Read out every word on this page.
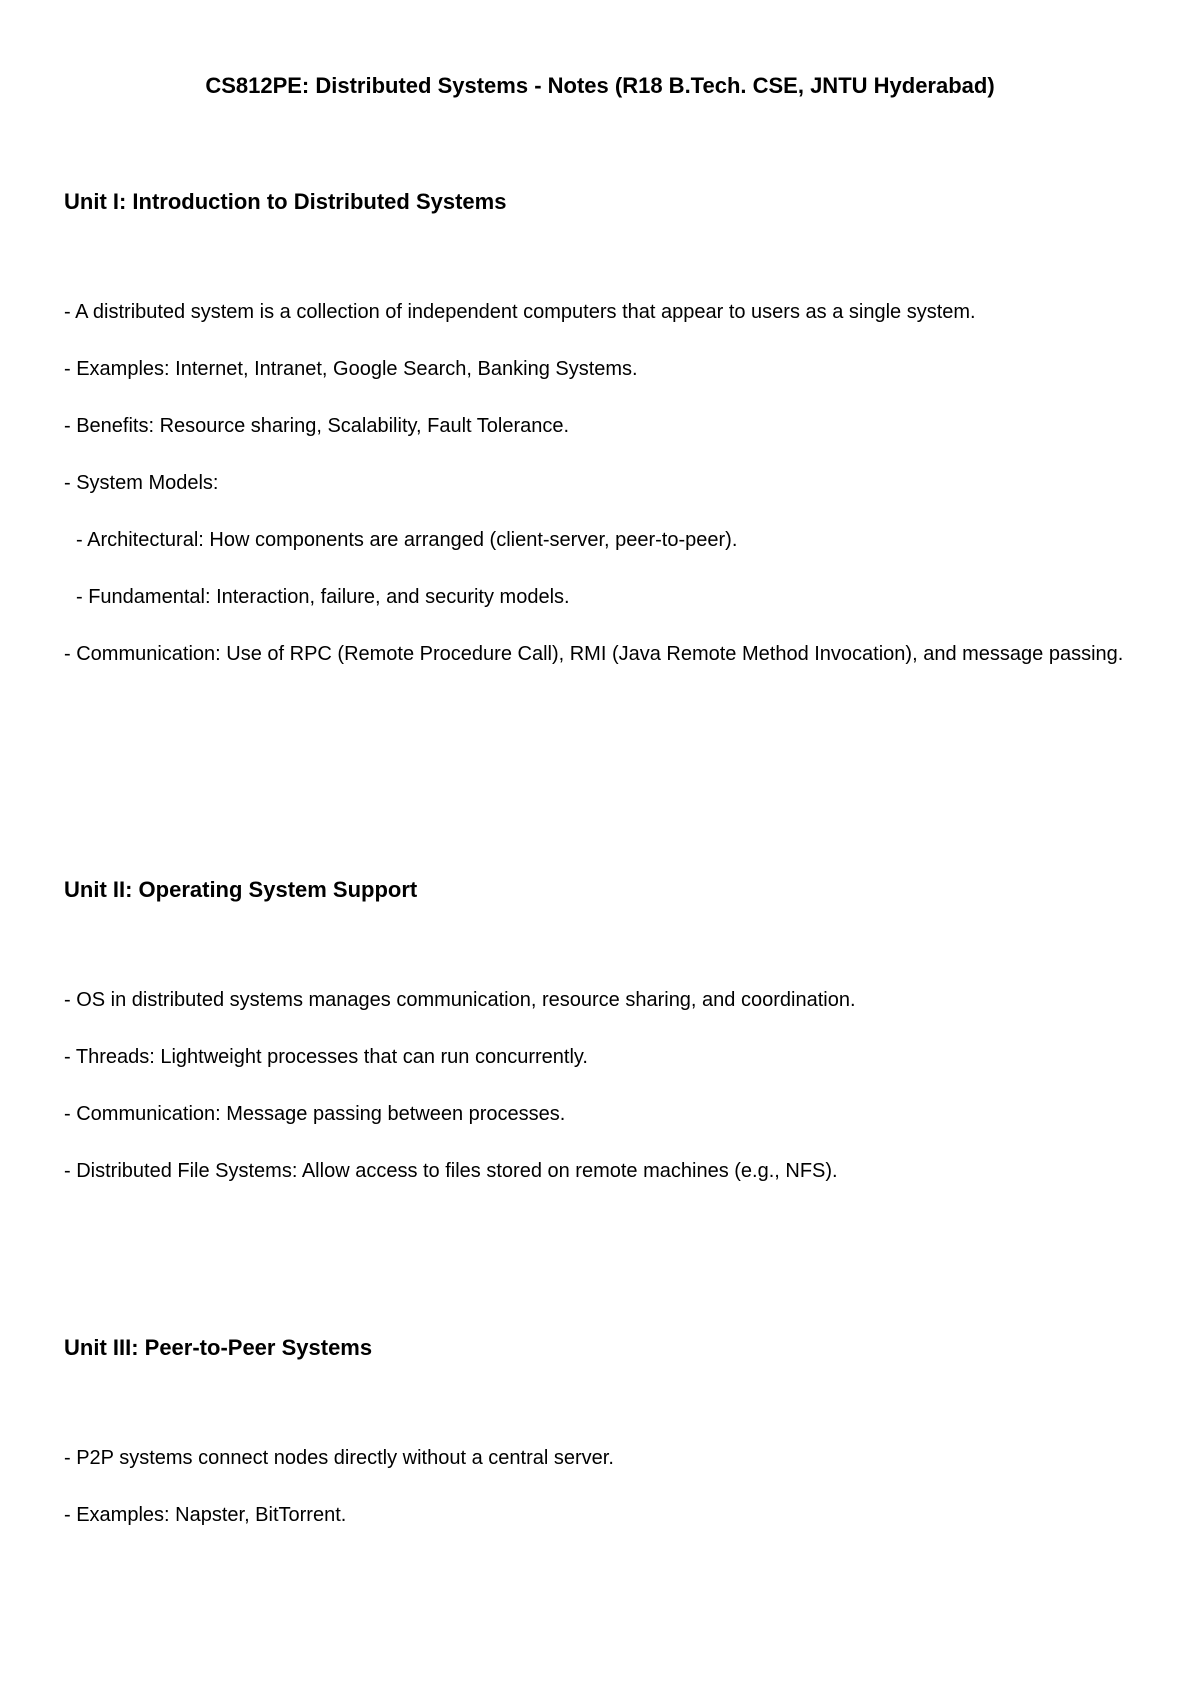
CS812PE: Distributed Systems - Notes (R18 B.Tech. CSE, JNTU Hyderabad)
Unit I: Introduction to Distributed Systems
- A distributed system is a collection of independent computers that appear to users as a single system.
- Examples: Internet, Intranet, Google Search, Banking Systems.
- Benefits: Resource sharing, Scalability, Fault Tolerance.
- System Models:
- Architectural: How components are arranged (client-server, peer-to-peer).
- Fundamental: Interaction, failure, and security models.
- Communication: Use of RPC (Remote Procedure Call), RMI (Java Remote Method Invocation), and message passing.
Unit II: Operating System Support
- OS in distributed systems manages communication, resource sharing, and coordination.
- Threads: Lightweight processes that can run concurrently.
- Communication: Message passing between processes.
- Distributed File Systems: Allow access to files stored on remote machines (e.g., NFS).
Unit III: Peer-to-Peer Systems
- P2P systems connect nodes directly without a central server.
- Examples: Napster, BitTorrent.
